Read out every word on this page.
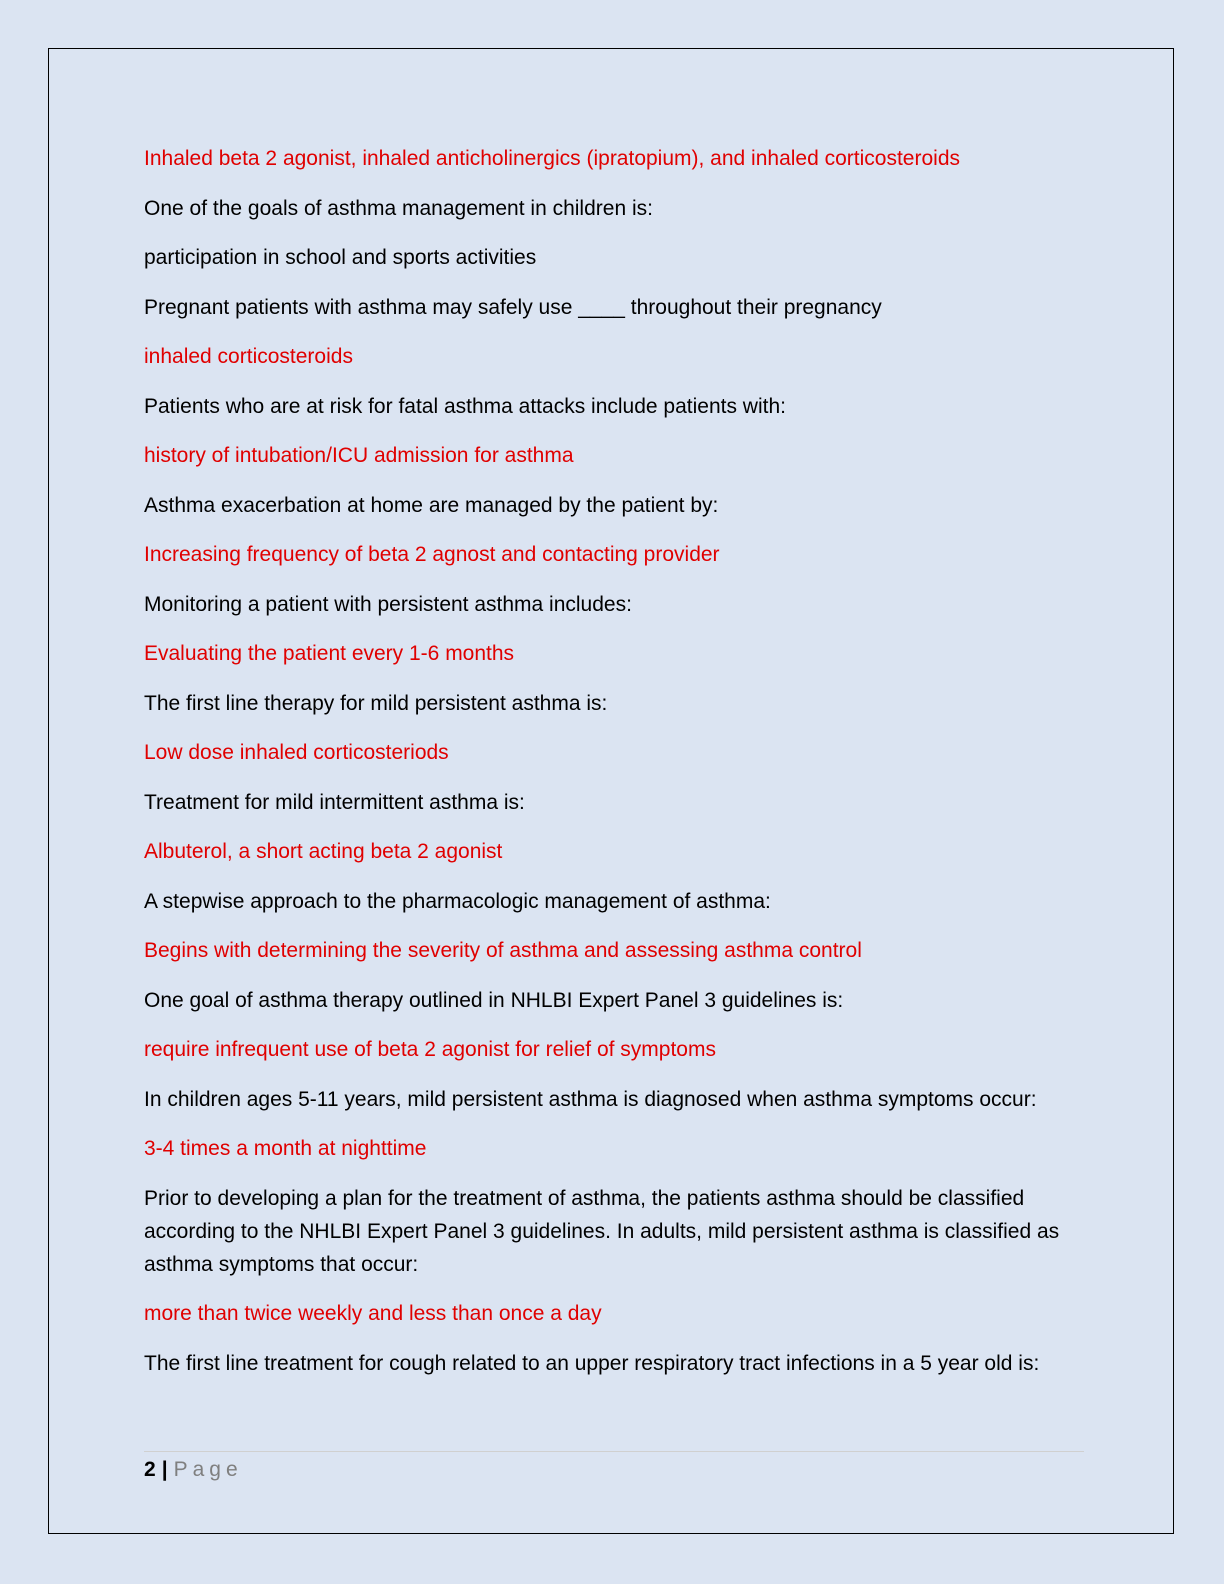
Inhaled beta 2 agonist, inhaled anticholinergics (ipratopium), and inhaled corticosteroids

One of the goals of asthma management in children is:

participation in school and sports activities

Pregnant patients with asthma may safely use ____ throughout their pregnancy

inhaled corticosteroids

Patients who are at risk for fatal asthma attacks include patients with:

history of intubation/ICU admission for asthma

Asthma exacerbation at home are managed by the patient by:

Increasing frequency of beta 2 agnost and contacting provider

Monitoring a patient with persistent asthma includes:

Evaluating the patient every 1-6 months

The first line therapy for mild persistent asthma is:

Low dose inhaled corticosteriods

Treatment for mild intermittent asthma is:

Albuterol, a short acting beta 2 agonist

A stepwise approach to the pharmacologic management of asthma:

Begins with determining the severity of asthma and assessing asthma control

One goal of asthma therapy outlined in NHLBI Expert Panel 3 guidelines is:

require infrequent use of beta 2 agonist for relief of symptoms

In children ages 5-11 years, mild persistent asthma is diagnosed when asthma symptoms occur:

3-4 times a month at nighttime

Prior to developing a plan for the treatment of asthma, the patients asthma should be classified according to the NHLBI Expert Panel 3 guidelines. In adults, mild persistent asthma is classified as asthma symptoms that occur:

more than twice weekly and less than once a day

The first line treatment for cough related to an upper respiratory tract infections in a 5 year old is:

2 | Page
